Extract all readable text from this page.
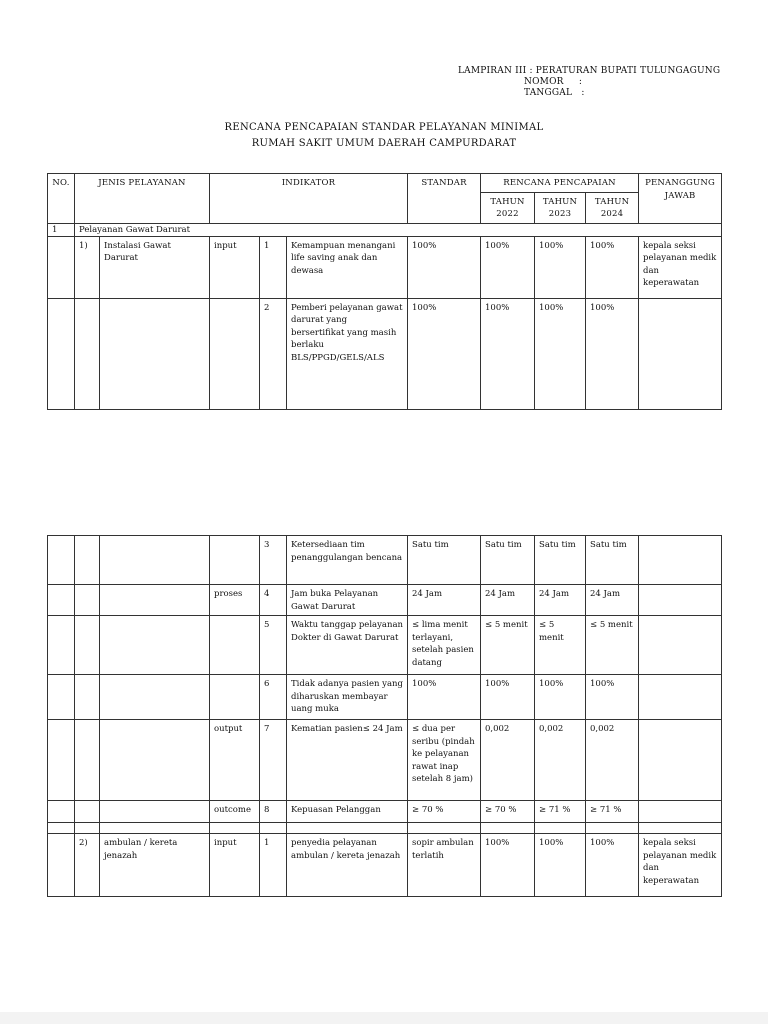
LAMPIRAN III : PERATURAN BUPATI TULUNGAGUNG
NOMOR     :
TANGGAL   :
RENCANA PENCAPAIAN STANDAR PELAYANAN MINIMAL
RUMAH SAKIT UMUM DAERAH CAMPURDARAT
NO.	JENIS PELAYANAN		INDIKATOR			STANDAR	RENCANA PENCAPAIAN			PENANGGUNG JAWAB
							TAHUN 2022	TAHUN 2023	TAHUN 2024	
1	Pelayanan Gawat Darurat									
	1)	Instalasi Gawat Darurat	input	1	Kemampuan menangani life saving anak dan dewasa	100%	100%	100%	100%	kepala seksi pelayanan medik dan keperawatan
				2	Pemberi pelayanan gawat darurat yang bersertifikat yang masih berlaku BLS/PPGD/GELS/ALS	100%	100%	100%	100%	
				3	Ketersediaan tim penanggulangan bencana	Satu tim	Satu tim	Satu tim	Satu tim	
			proses	4	Jam buka Pelayanan Gawat Darurat	24 Jam	24 Jam	24 Jam	24 Jam	
				5	Waktu tanggap pelayanan Dokter di Gawat Darurat	≤ lima menit terlayani, setelah pasien datang	≤ 5 menit	≤ 5 menit	≤ 5 menit	
				6	Tidak adanya pasien yang diharuskan membayar uang muka	100%	100%	100%	100%	
			output	7	Kematian pasien≤ 24 Jam	≤ dua per seribu (pindah ke pelayanan rawat inap setelah 8 jam)	0,002	0,002	0,002	
			outcome	8	Kepuasan Pelanggan	≥ 70 %	≥ 70 %	≥ 71 %	≥ 71 %	

	2)	ambulan / kereta jenazah	input	1	penyedia pelayanan ambulan / kereta jenazah	sopir ambulan terlatih	100%	100%	100%	kepala seksi pelayanan medik dan keperawatan
